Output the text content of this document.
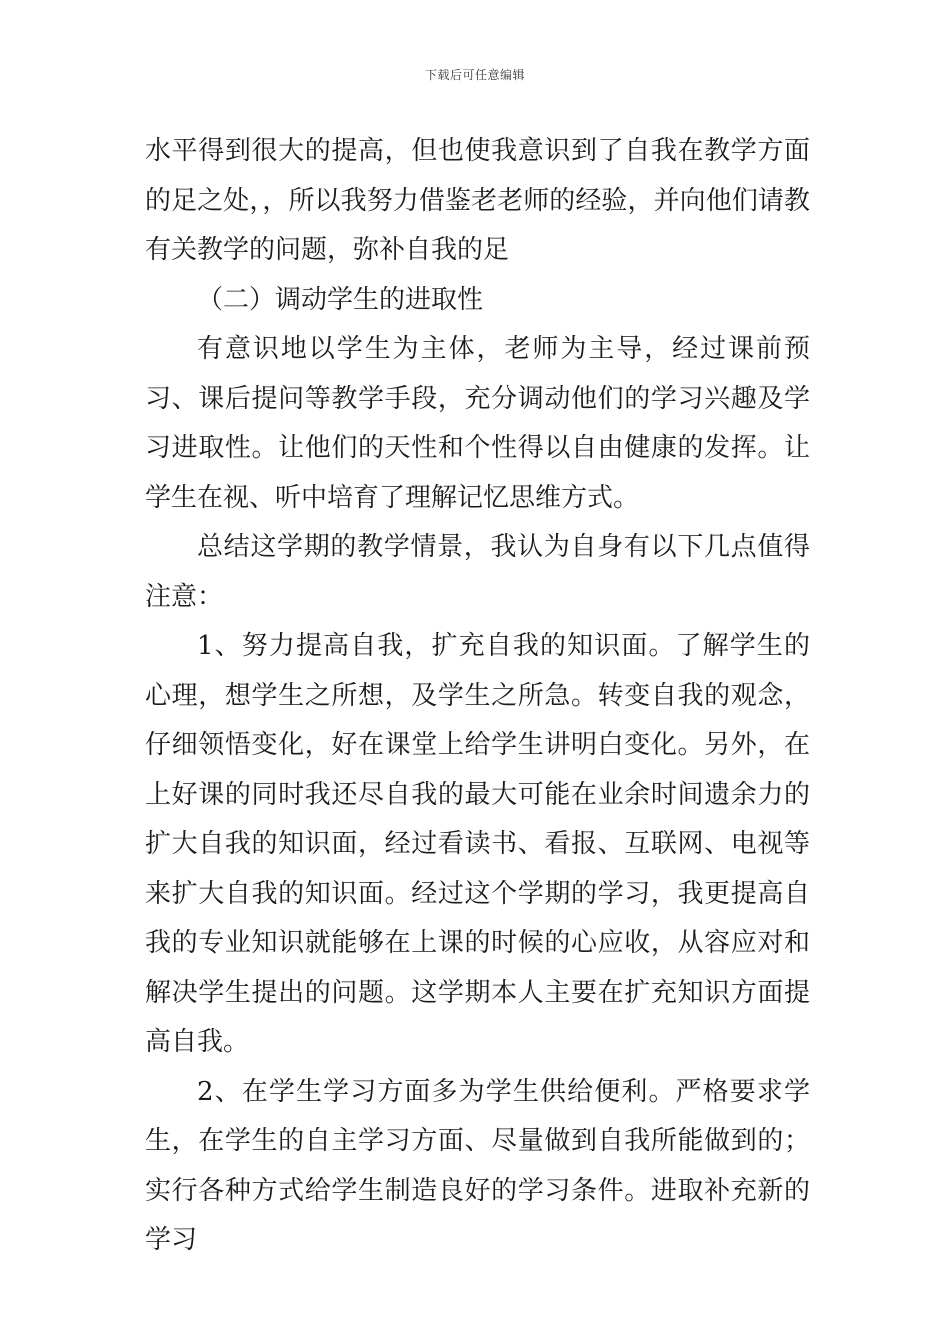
下载后可任意编辑

水平得到很大的提高，但也使我意识到了自我在教学方面的足之处，，所以我努力借鉴老老师的经验，并向他们请教有关教学的问题，弥补自我的足

（二）调动学生的进取性

有意识地以学生为主体，老师为主导，经过课前预习、课后提问等教学手段，充分调动他们的学习兴趣及学习进取性。让他们的天性和个性得以自由健康的发挥。让学生在视、听中培育了理解记忆思维方式。

总结这学期的教学情景，我认为自身有以下几点值得注意：

1、努力提高自我，扩充自我的知识面。了解学生的心理，想学生之所想，及学生之所急。转变自我的观念，仔细领悟变化，好在课堂上给学生讲明白变化。另外，在上好课的同时我还尽自我的最大可能在业余时间遗余力的扩大自我的知识面，经过看读书、看报、互联网、电视等来扩大自我的知识面。经过这个学期的学习，我更提高自我的专业知识就能够在上课的时候的心应收，从容应对和解决学生提出的问题。这学期本人主要在扩充知识方面提高自我。

2、在学生学习方面多为学生供给便利。严格要求学生，在学生的自主学习方面、尽量做到自我所能做到的；实行各种方式给学生制造良好的学习条件。进取补充新的学习
